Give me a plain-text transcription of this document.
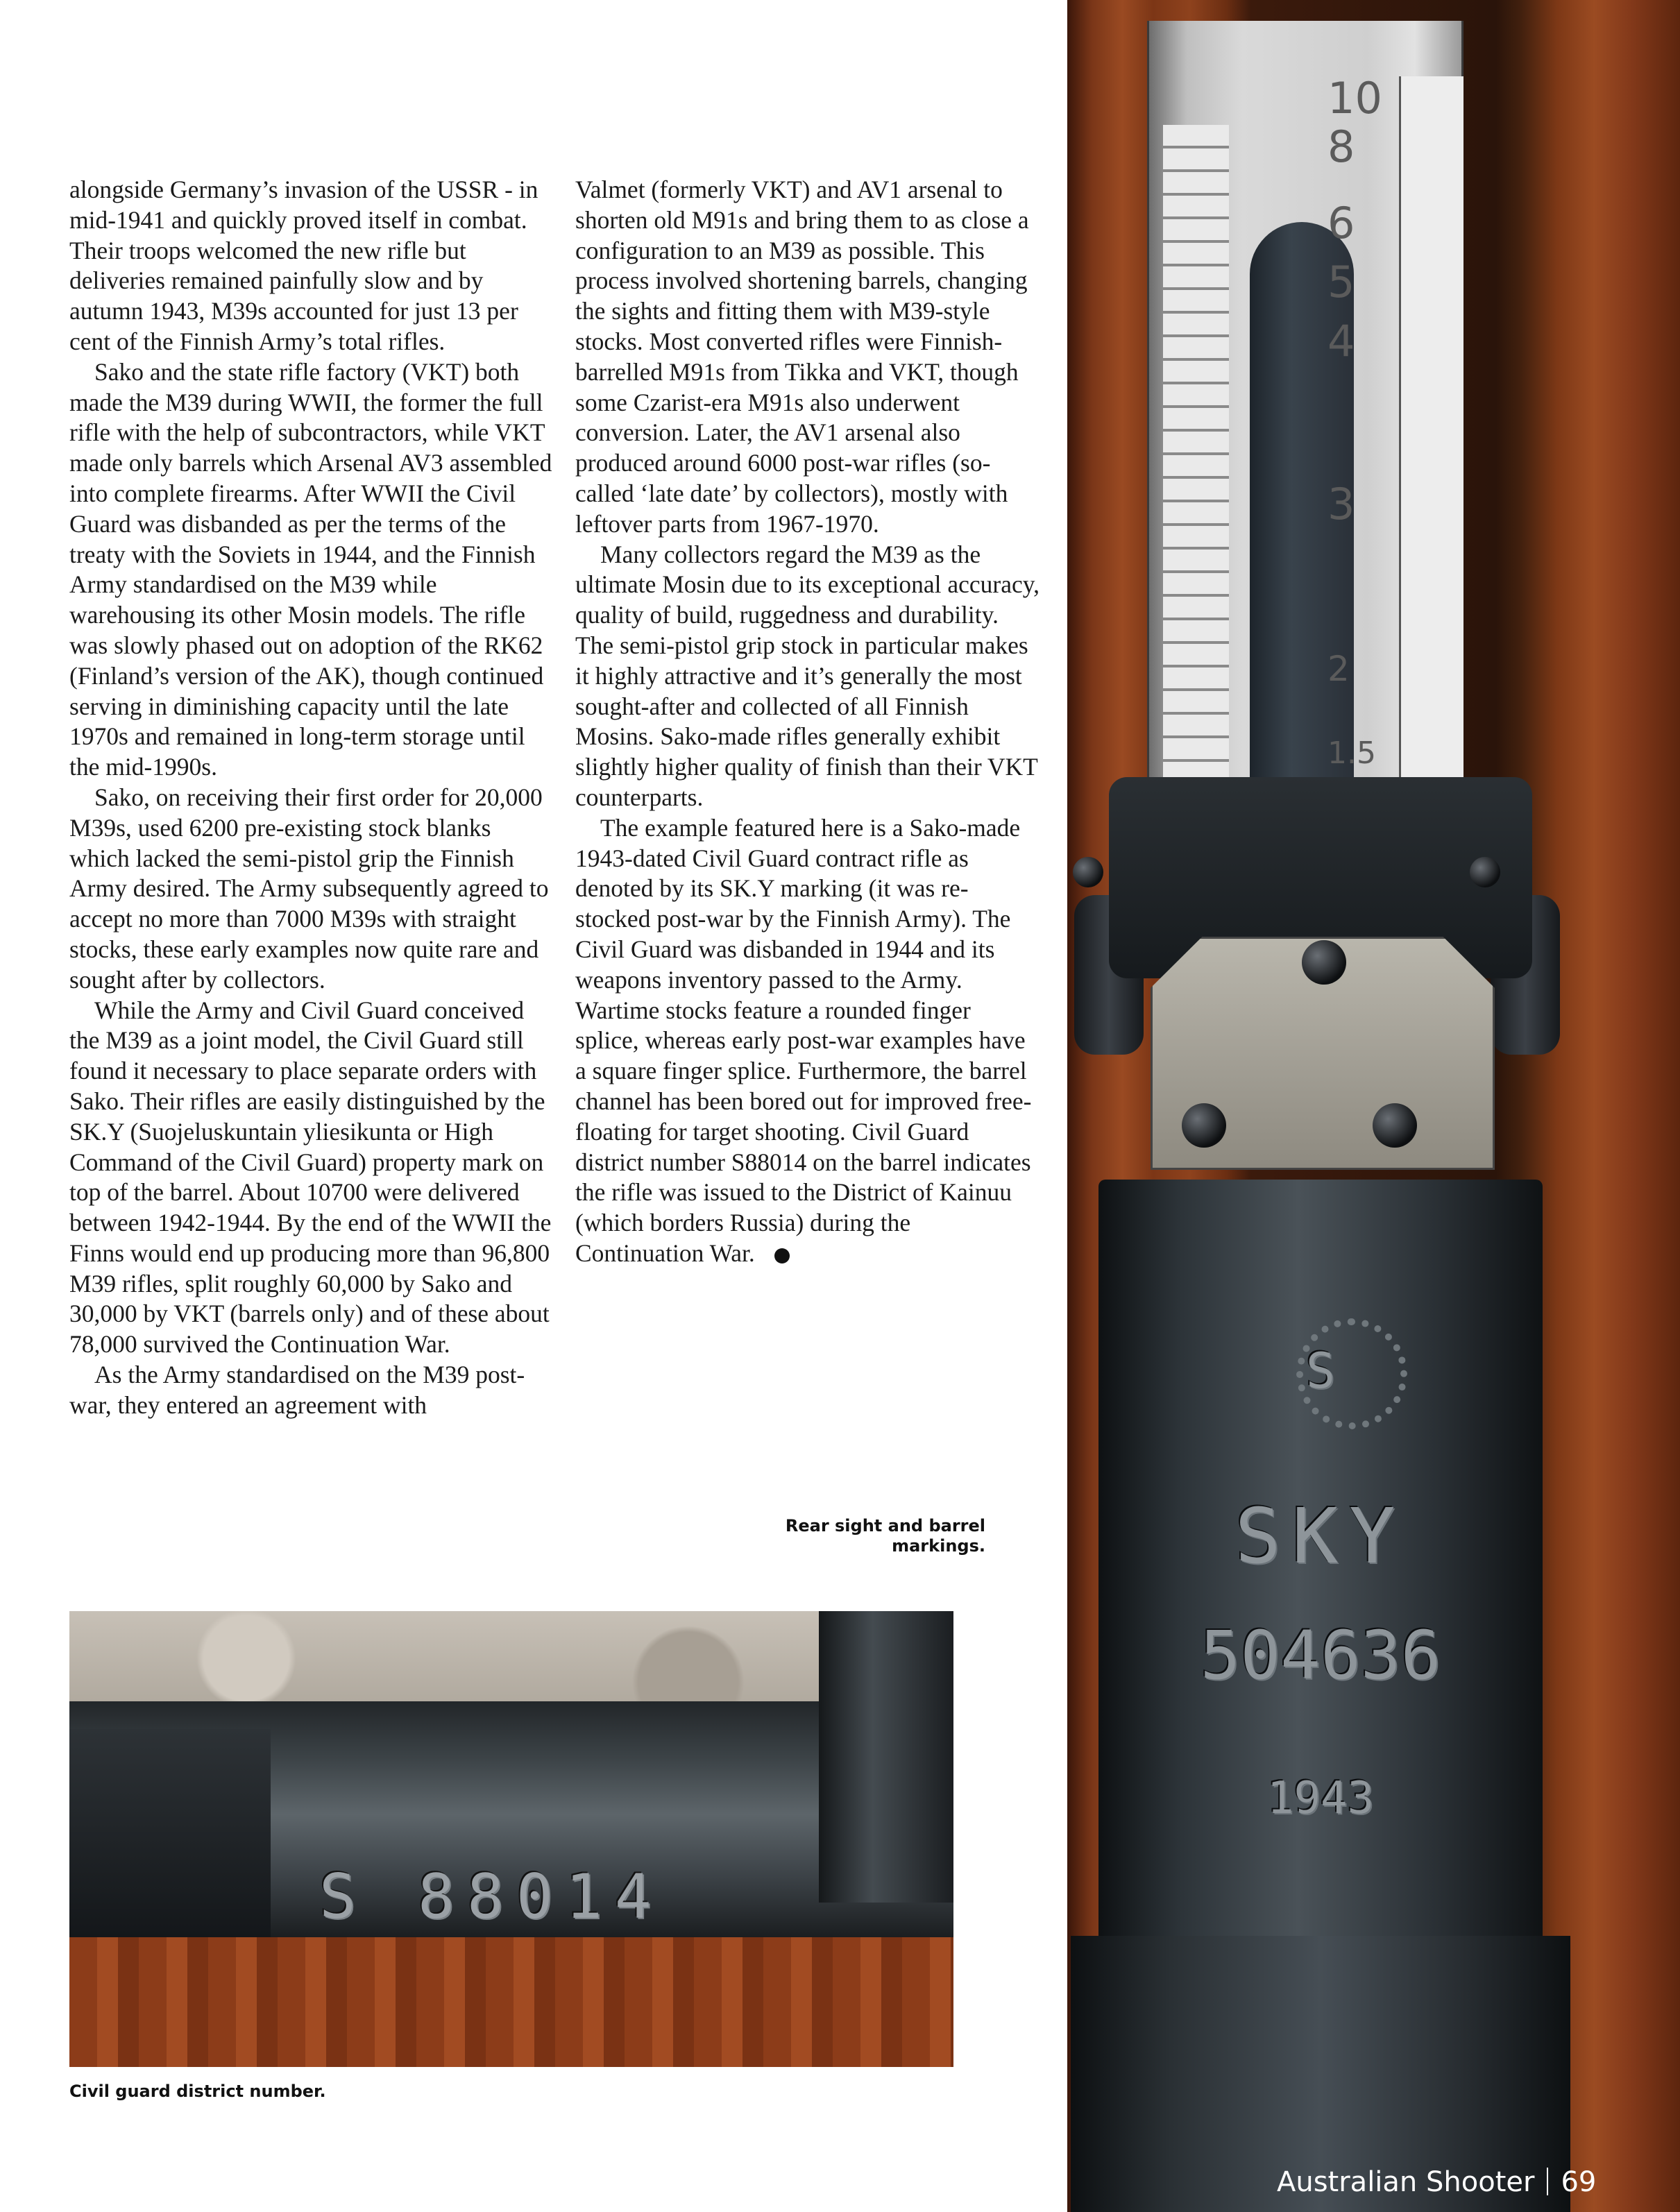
alongside Germany’s invasion of the USSR - in mid-1941 and quickly proved itself in combat. Their troops welcomed the new rifle but deliveries remained painfully slow and by autumn 1943, M39s accounted for just 13 per cent of the Finnish Army’s total rifles.

Sako and the state rifle factory (VKT) both made the M39 during WWII, the former the full rifle with the help of subcontractors, while VKT made only barrels which Arsenal AV3 assembled into complete firearms. After WWII the Civil Guard was disbanded as per the terms of the treaty with the Soviets in 1944, and the Finnish Army standardised on the M39 while warehousing its other Mosin models. The rifle was slowly phased out on adoption of the RK62 (Finland’s version of the AK), though continued serving in diminishing capacity until the late 1970s and remained in long-term storage until the mid-1990s.

Sako, on receiving their first order for 20,000 M39s, used 6200 pre-existing stock blanks which lacked the semi-pistol grip the Finnish Army desired. The Army subsequently agreed to accept no more than 7000 M39s with straight stocks, these early examples now quite rare and sought after by collectors.

While the Army and Civil Guard conceived the M39 as a joint model, the Civil Guard still found it necessary to place separate orders with Sako. Their rifles are easily distinguished by the SK.Y (Suojeluskuntain yliesikunta or High Command of the Civil Guard) property mark on top of the barrel. About 10700 were delivered between 1942-1944. By the end of the WWII the Finns would end up producing more than 96,800 M39 rifles, split roughly 60,000 by Sako and 30,000 by VKT (barrels only) and of these about 78,000 survived the Continuation War.

As the Army standardised on the M39 post-war, they entered an agreement with

Valmet (formerly VKT) and AV1 arsenal to shorten old M91s and bring them to as close a configuration to an M39 as possible. This process involved shortening barrels, changing the sights and fitting them with M39-style stocks. Most converted rifles were Finnish-barrelled M91s from Tikka and VKT, though some Czarist-era M91s also underwent conversion. Later, the AV1 arsenal also produced around 6000 post-war rifles (so-called ‘late date’ by collectors), mostly with leftover parts from 1967-1970.

Many collectors regard the M39 as the ultimate Mosin due to its exceptional accuracy, quality of build, ruggedness and durability. The semi-pistol grip stock in particular makes it highly attractive and it’s generally the most sought-after and collected of all Finnish Mosins. Sako-made rifles generally exhibit slightly higher quality of finish than their VKT counterparts.

The example featured here is a Sako-made 1943-dated Civil Guard contract rifle as denoted by its SK.Y marking (it was re-stocked post-war by the Finnish Army). The Civil Guard was disbanded in 1944 and its weapons inventory passed to the Army. Wartime stocks feature a rounded finger splice, whereas early post-war examples have a square finger splice. Furthermore, the barrel channel has been bored out for improved free-floating for target shooting. Civil Guard district number S88014 on the barrel indicates the rifle was issued to the District of Kainuu (which borders Russia) during the Continuation War.

Rear sight and barrel
markings.
10
8
6
5
4
3
2
1.5
S
SKY
504636
1943
S 88014
Civil guard district number.
Australian Shooter 69
